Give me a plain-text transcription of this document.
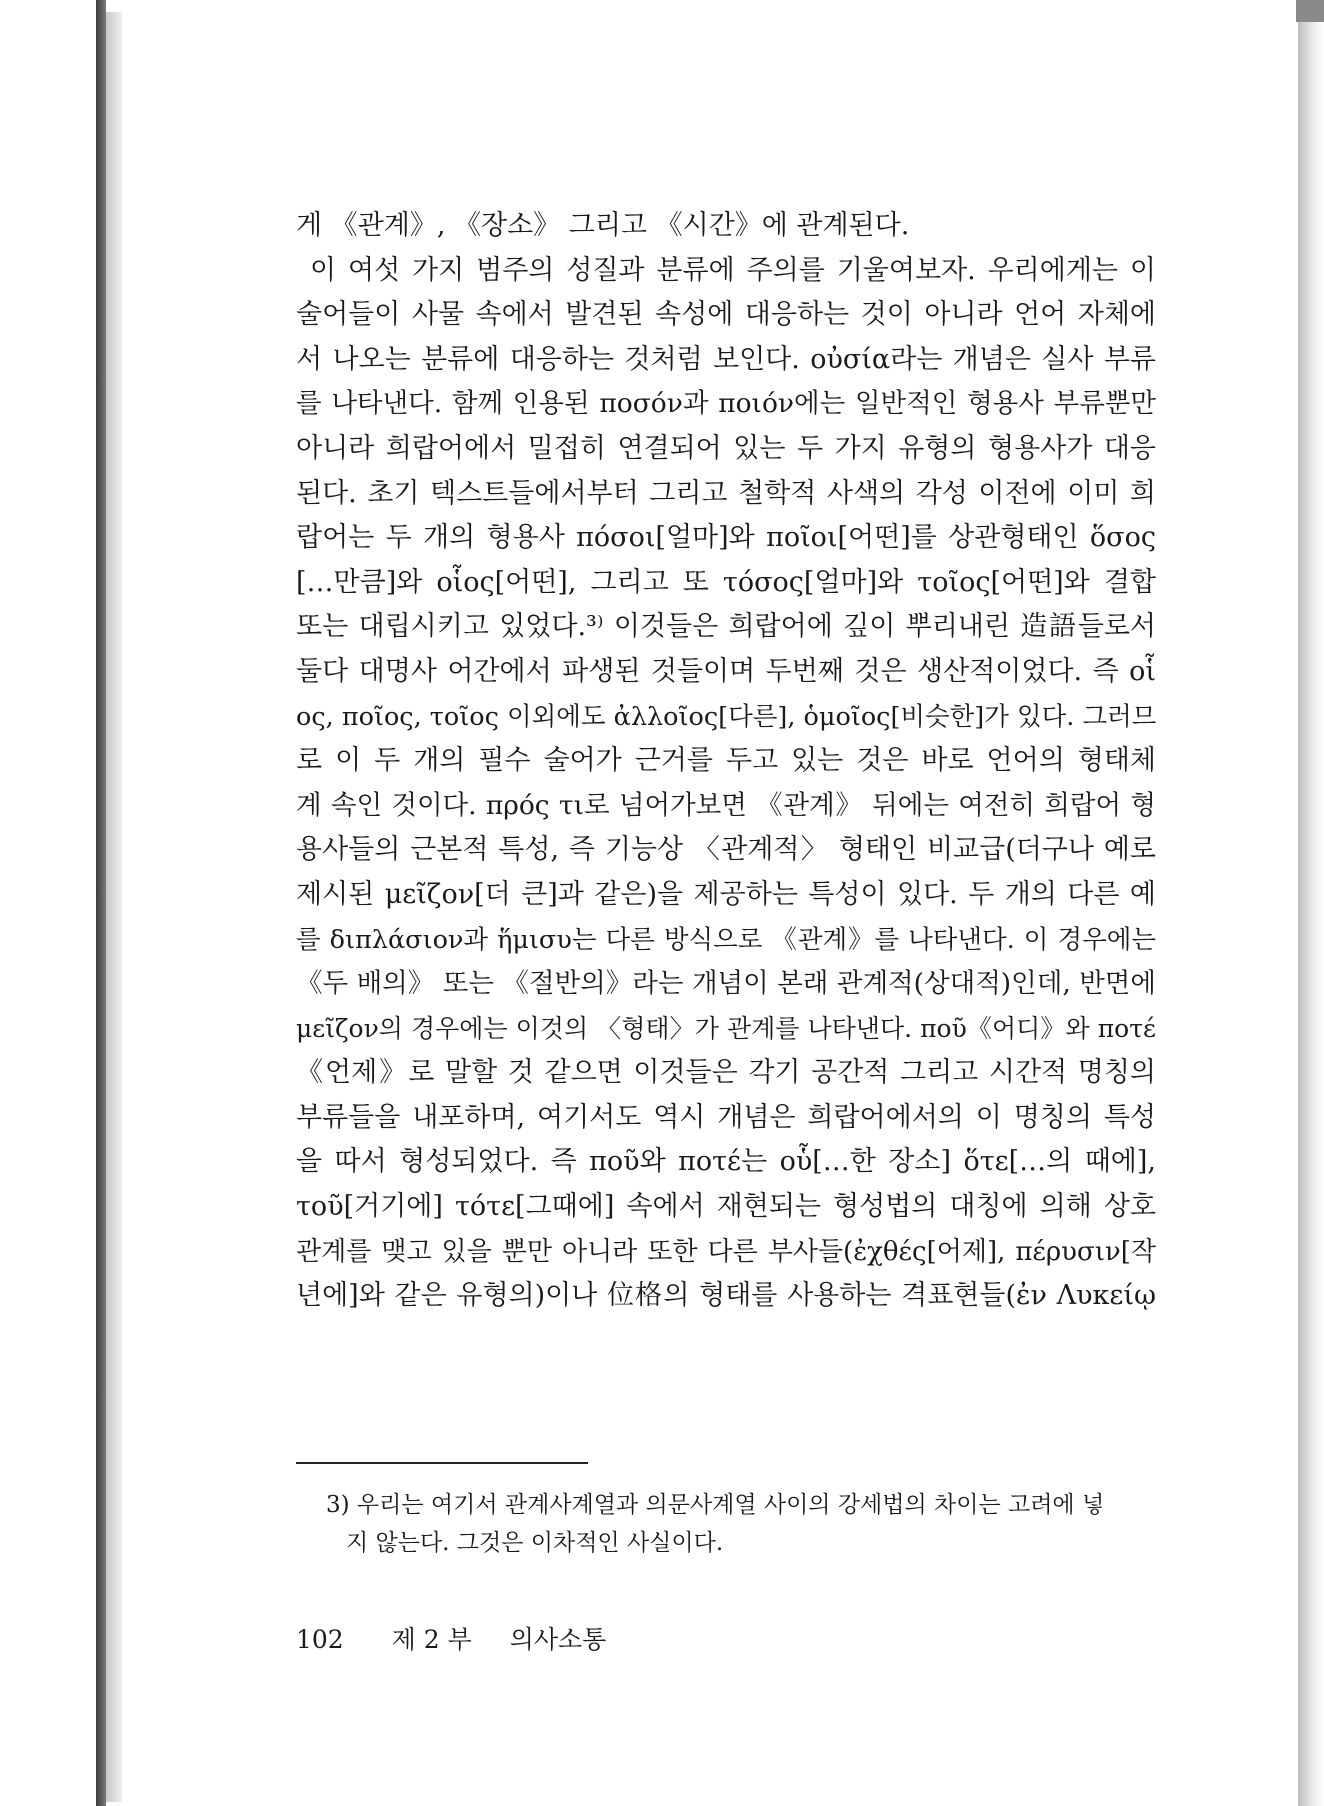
게 《관계》, 《장소》 그리고 《시간》에 관계된다.
이 여섯 가지 범주의 성질과 분류에 주의를 기울여보자. 우리에게는 이
술어들이 사물 속에서 발견된 속성에 대응하는 것이 아니라 언어 자체에
서 나오는 분류에 대응하는 것처럼 보인다. οὐσία라는 개념은 실사 부류
를 나타낸다. 함께 인용된 ποσόν과 ποιόν에는 일반적인 형용사 부류뿐만
아니라 희랍어에서 밀접히 연결되어 있는 두 가지 유형의 형용사가 대응
된다. 초기 텍스트들에서부터 그리고 철학적 사색의 각성 이전에 이미 희
랍어는 두 개의 형용사 πόσοι[얼마]와 ποῖοι[어떤]를 상관형태인 ὅσος
[…만큼]와 οἷος[어떤], 그리고 또 τόσος[얼마]와 τοῖος[어떤]와 결합
또는 대립시키고 있었다.³⁾ 이것들은 희랍어에 깊이 뿌리내린 造語들로서
둘다 대명사 어간에서 파생된 것들이며 두번째 것은 생산적이었다. 즉 οἷ
ος, ποῖος, τοῖος 이외에도 ἀλλοῖος[다른], ὁμοῖος[비슷한]가 있다. 그러므
로 이 두 개의 필수 술어가 근거를 두고 있는 것은 바로 언어의 형태체
계 속인 것이다. πρός τι로 넘어가보면 《관계》 뒤에는 여전히 희랍어 형
용사들의 근본적 특성, 즉 기능상 〈관계적〉 형태인 비교급(더구나 예로
제시된 μεῖζον[더 큰]과 같은)을 제공하는 특성이 있다. 두 개의 다른 예
를 διπλάσιον과 ἥμισυ는 다른 방식으로 《관계》를 나타낸다. 이 경우에는
《두 배의》 또는 《절반의》라는 개념이 본래 관계적(상대적)인데, 반면에
μεῖζον의 경우에는 이것의 〈형태〉가 관계를 나타낸다. ποῦ《어디》와 ποτέ
《언제》로 말할 것 같으면 이것들은 각기 공간적 그리고 시간적 명칭의
부류들을 내포하며, 여기서도 역시 개념은 희랍어에서의 이 명칭의 특성
을 따서 형성되었다. 즉 ποῦ와 ποτέ는 οὗ[…한 장소] ὅτε[…의 때에],
τοῦ[거기에] τότε[그때에] 속에서 재현되는 형성법의 대칭에 의해 상호
관계를 맺고 있을 뿐만 아니라 또한 다른 부사들(ἐχθές[어제], πέρυσιν[작
년에]와 같은 유형의)이나 位格의 형태를 사용하는 격표현들(ἐν Λυκείῳ
3) 우리는 여기서 관계사계열과 의문사계열 사이의 강세법의 차이는 고려에 넣
지 않는다. 그것은 이차적인 사실이다.
102 제 2 부 의사소통
